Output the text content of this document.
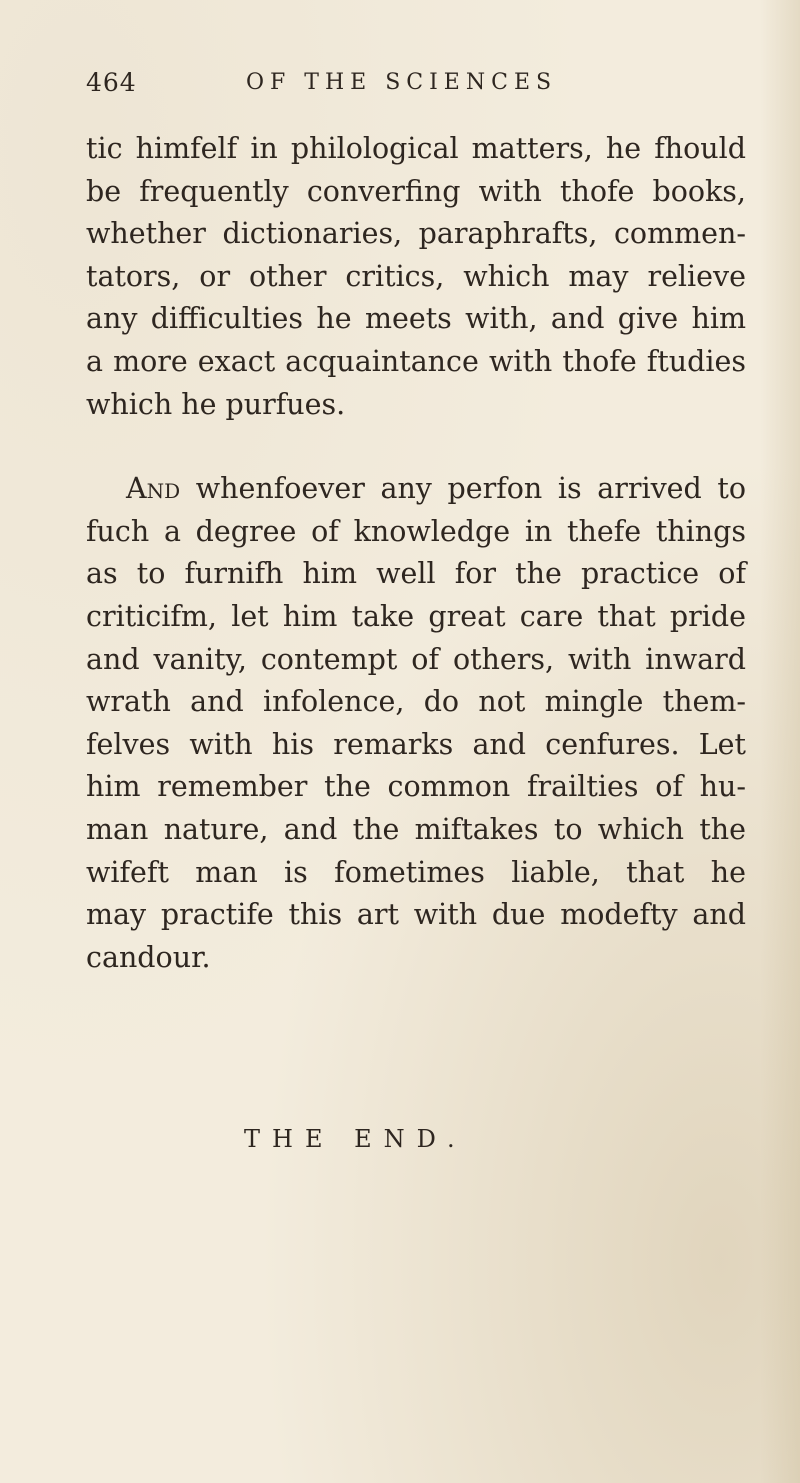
464	OF THE SCIENCES

tic himfelf in philological matters, he fhould
be frequently converfing with thofe books,
whether dictionaries, paraphrafts, commen-
tators, or other critics, which may relieve
any difficulties he meets with, and give him
a more exact acquaintance with thofe ftudies
which he purfues.

And whenfoever any perfon is arrived to
fuch a degree of knowledge in thefe things
as to furnifh him well for the practice of
criticifm, let him take great care that pride
and vanity, contempt of others, with inward
wrath and infolence, do not mingle them-
felves with his remarks and cenfures. Let
him remember the common frailties of hu-
man nature, and the miftakes to which the
wifeft man is fometimes liable, that he
may practife this art with due modefty and
candour.

THE END.
